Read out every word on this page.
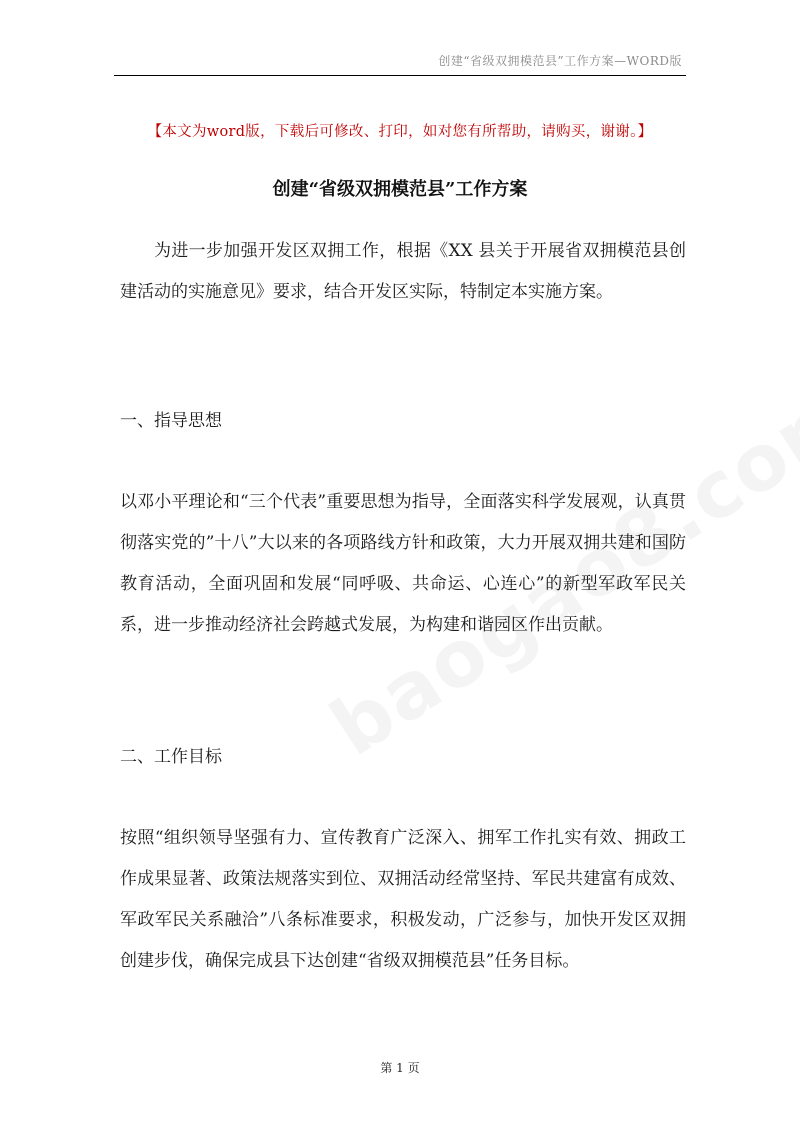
创建“省级双拥模范县”工作方案—WORD版
【本文为word版，下载后可修改、打印，如对您有所帮助，请购买，谢谢。】
创建“省级双拥模范县”工作方案

为进一步加强开发区双拥工作，根据《XX 县关于开展省双拥模范县创建活动的实施意见》要求，结合开发区实际，特制定本实施方案。

一、指导思想

以邓小平理论和“三个代表”重要思想为指导，全面落实科学发展观，认真贯彻落实党的”十八”大以来的各项路线方针和政策，大力开展双拥共建和国防教育活动，全面巩固和发展“同呼吸、共命运、心连心”的新型军政军民关系，进一步推动经济社会跨越式发展，为构建和谐园区作出贡献。

二、工作目标

按照“组织领导坚强有力、宣传教育广泛深入、拥军工作扎实有效、拥政工作成果显著、政策法规落实到位、双拥活动经常坚持、军民共建富有成效、军政军民关系融洽”八条标准要求，积极发动，广泛参与，加快开发区双拥创建步伐，确保完成县下达创建“省级双拥模范县”任务目标。

第 1 页
